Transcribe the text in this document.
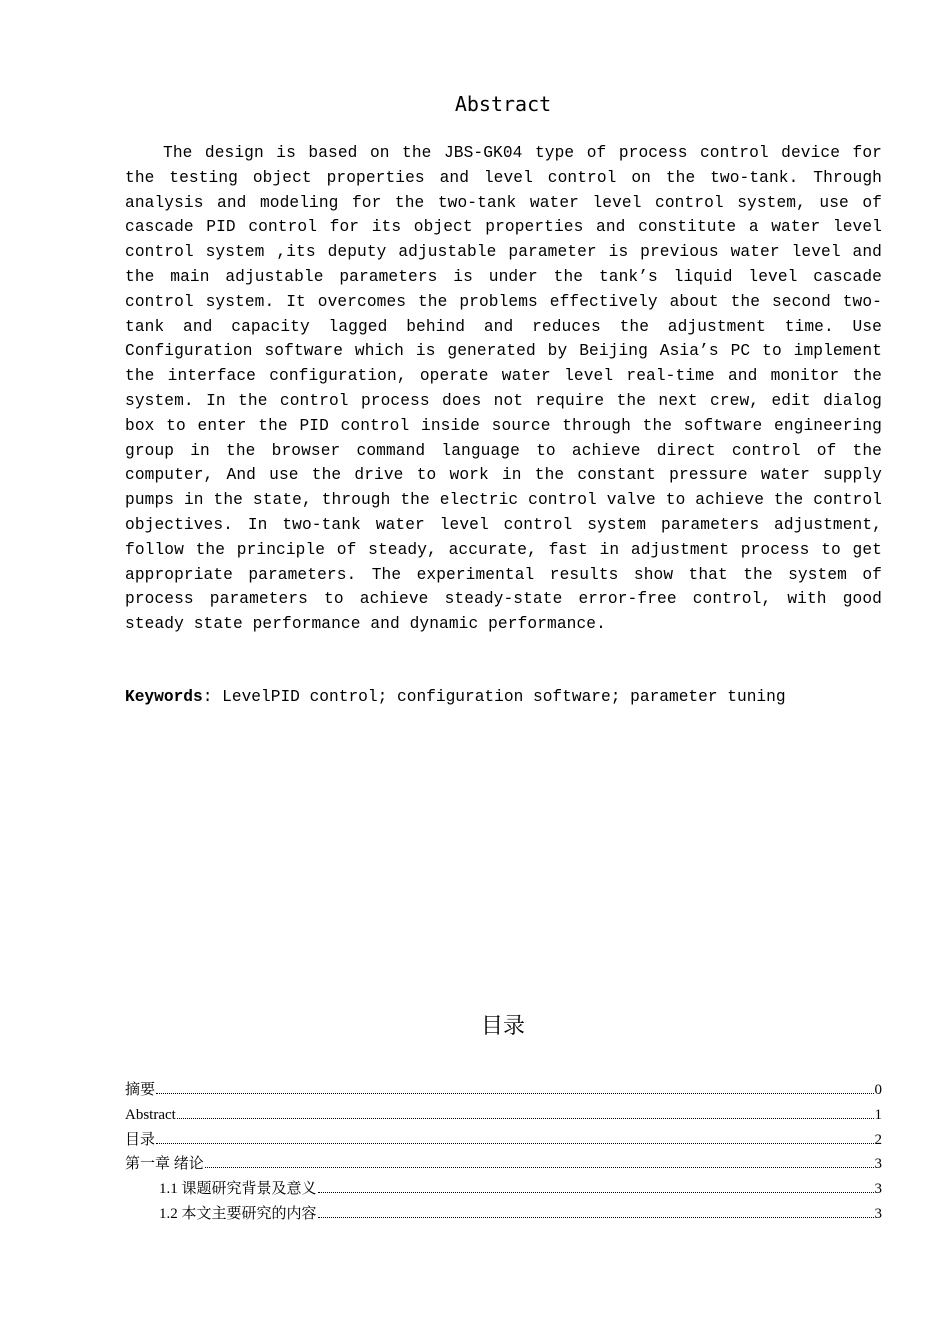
Abstract
The design is based on the JBS-GK04 type of process control device for the testing object properties and level control on the two-tank. Through analysis and modeling for the two-tank water level control system, use of cascade PID control for its object properties and constitute a water level control system ,its deputy adjustable parameter is previous water level and the main adjustable parameters is under the tank’s liquid level cascade control system. It overcomes the problems effectively about the second two-tank and capacity lagged behind and reduces the adjustment time. Use Configuration software which is generated by Beijing Asia’s PC to implement the interface configuration, operate water level real-time and monitor the system. In the control process does not require the next crew, edit dialog box to enter the PID control inside source through the software engineering group in the browser command language to achieve direct control of the computer, And use the drive to work in the constant pressure water supply pumps in the state, through the electric control valve to achieve the control objectives. In two-tank water level control system parameters adjustment, follow the principle of steady, accurate, fast in adjustment process to get appropriate parameters. The experimental results show that the system of process parameters to achieve steady-state error-free control, with good steady state performance and dynamic performance.
Keywords: LevelPID control; configuration software; parameter tuning
目录
摘要	0
Abstract	1
目录	2
第一章 绪论	3
1.1 课题研究背景及意义	3
1.2 本文主要研究的内容	3
